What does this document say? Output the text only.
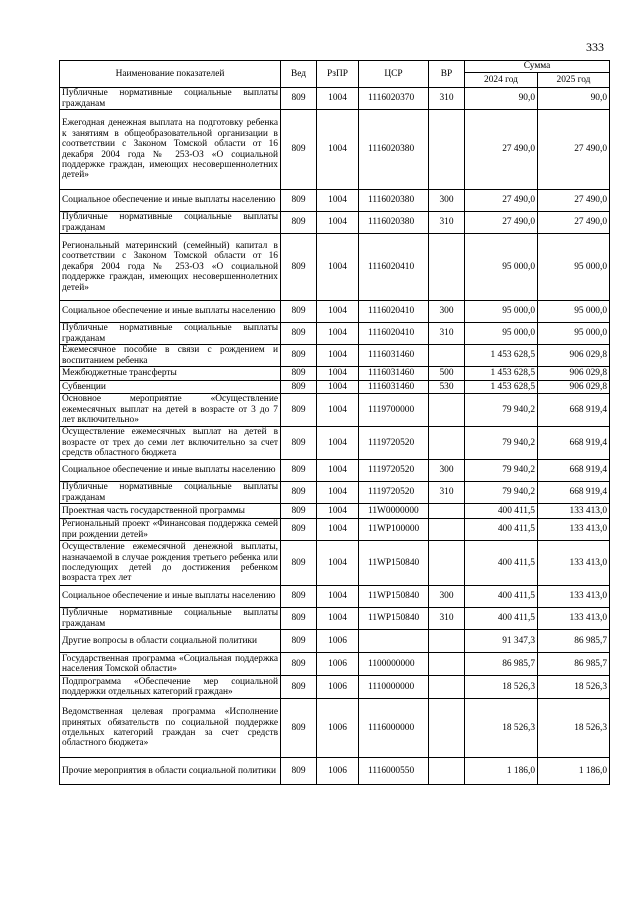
333
Наименование показателей	Вед	РзПР	ЦСР	ВР	Сумма	
					2024 год	2025 год
Публичные нормативные социальные выплаты гражданам	809	1004	1116020370	310	90,0	90,0
Ежегодная денежная выплата на подготовку ребенка к занятиям в общеобразовательной организации в соответствии с Законом Томской области от 16 декабря 2004 года № 253-ОЗ «О социальной поддержке граждан, имеющих несовершеннолетних детей»	809	1004	1116020380		27 490,0	27 490,0
Социальное обеспечение и иные выплаты населению	809	1004	1116020380	300	27 490,0	27 490,0
Публичные нормативные социальные выплаты гражданам	809	1004	1116020380	310	27 490,0	27 490,0
Региональный материнский (семейный) капитал в соответствии с Законом Томской области от 16 декабря 2004 года № 253-ОЗ «О социальной поддержке граждан, имеющих несовершеннолетних детей»	809	1004	1116020410		95 000,0	95 000,0
Социальное обеспечение и иные выплаты населению	809	1004	1116020410	300	95 000,0	95 000,0
Публичные нормативные социальные выплаты гражданам	809	1004	1116020410	310	95 000,0	95 000,0
Ежемесячное пособие в связи с рождением и воспитанием ребенка	809	1004	1116031460		1 453 628,5	906 029,8
Межбюджетные трансферты	809	1004	1116031460	500	1 453 628,5	906 029,8
Субвенции	809	1004	1116031460	530	1 453 628,5	906 029,8
Основное мероприятие «Осуществление ежемесячных выплат на детей в возрасте от 3 до 7 лет включительно»	809	1004	1119700000		79 940,2	668 919,4
Осуществление ежемесячных выплат на детей в возрасте от трех до семи лет включительно за счет средств областного бюджета	809	1004	1119720520		79 940,2	668 919,4
Социальное обеспечение и иные выплаты населению	809	1004	1119720520	300	79 940,2	668 919,4
Публичные нормативные социальные выплаты гражданам	809	1004	1119720520	310	79 940,2	668 919,4
Проектная часть государственной программы	809	1004	11W0000000		400 411,5	133 413,0
Региональный проект «Финансовая поддержка семей при рождении детей»	809	1004	11WP100000		400 411,5	133 413,0
Осуществление ежемесячной денежной выплаты, назначаемой в случае рождения третьего ребенка или последующих детей до достижения ребенком возраста трех лет	809	1004	11WP150840		400 411,5	133 413,0
Социальное обеспечение и иные выплаты населению	809	1004	11WP150840	300	400 411,5	133 413,0
Публичные нормативные социальные выплаты гражданам	809	1004	11WP150840	310	400 411,5	133 413,0
Другие вопросы в области социальной политики	809	1006			91 347,3	86 985,7
Государственная программа «Социальная поддержка населения Томской области»	809	1006	1100000000		86 985,7	86 985,7
Подпрограмма «Обеспечение мер социальной поддержки отдельных категорий граждан»	809	1006	1110000000		18 526,3	18 526,3
Ведомственная целевая программа «Исполнение принятых обязательств по социальной поддержке отдельных категорий граждан за счет средств областного бюджета»	809	1006	1116000000		18 526,3	18 526,3
Прочие мероприятия в области социальной политики	809	1006	1116000550		1 186,0	1 186,0
